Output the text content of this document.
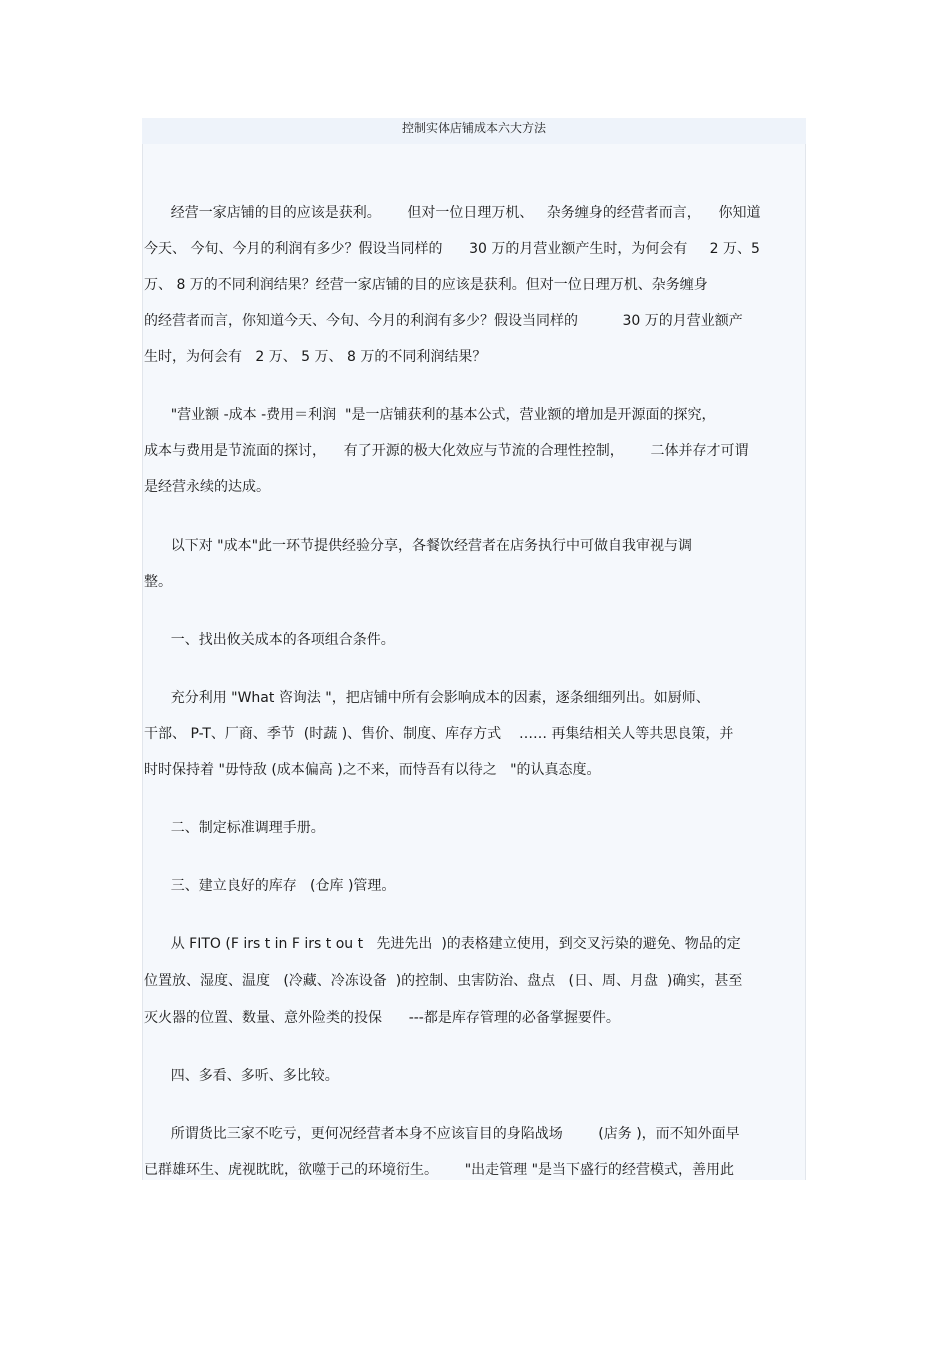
控制实体店铺成本六大方法
经营一家店铺的目的应该是获利。      但对一位日理万机、   杂务缠身的经营者而言，    你知道
今天、 今旬、今月的利润有多少？假设当同样的      30 万的月营业额产生时，为何会有     2 万、5
万、 8 万的不同利润结果？经营一家店铺的目的应该是获利。但对一位日理万机、杂务缠身
的经营者而言，你知道今天、今旬、今月的利润有多少？假设当同样的          30 万的月营业额产
生时，为何会有   2 万、 5 万、 8 万的不同利润结果？
"营业额 -成本 -费用＝利润  "是一店铺获利的基本公式，营业额的增加是开源面的探究，
成本与费用是节流面的探讨，    有了开源的极大化效应与节流的合理性控制，      二体并存才可谓
是经营永续的达成。
以下对 "成本"此一环节提供经验分享，各餐饮经营者在店务执行中可做自我审视与调
整。
一、找出攸关成本的各项组合条件。
充分利用 "What 咨询法 "，把店铺中所有会影响成本的因素，逐条细细列出。如厨师、
干部、 P-T、厂商、季节  (时蔬 )、售价、制度、库存方式    …… 再集结相关人等共思良策，并
时时保持着 "毋恃敌 (成本偏高 )之不来，而恃吾有以待之   "的认真态度。
二、制定标准调理手册。
三、建立良好的库存   (仓库 )管理。
从 FITO (F irs t in F irs t ou t   先进先出  )的表格建立使用，到交叉污染的避免、物品的定
位置放、湿度、温度   (冷藏、冷冻设备  )的控制、虫害防治、盘点   (日、周、月盘  )确实，甚至
灭火器的位置、数量、意外险类的投保      ---都是库存管理的必备掌握要件。
四、多看、多听、多比较。
所谓货比三家不吃亏，更何况经营者本身不应该盲目的身陷战场        (店务 )，而不知外面早
已群雄环生、虎视眈眈，欲噬于己的环境衍生。      "出走管理 "是当下盛行的经营模式，善用此
